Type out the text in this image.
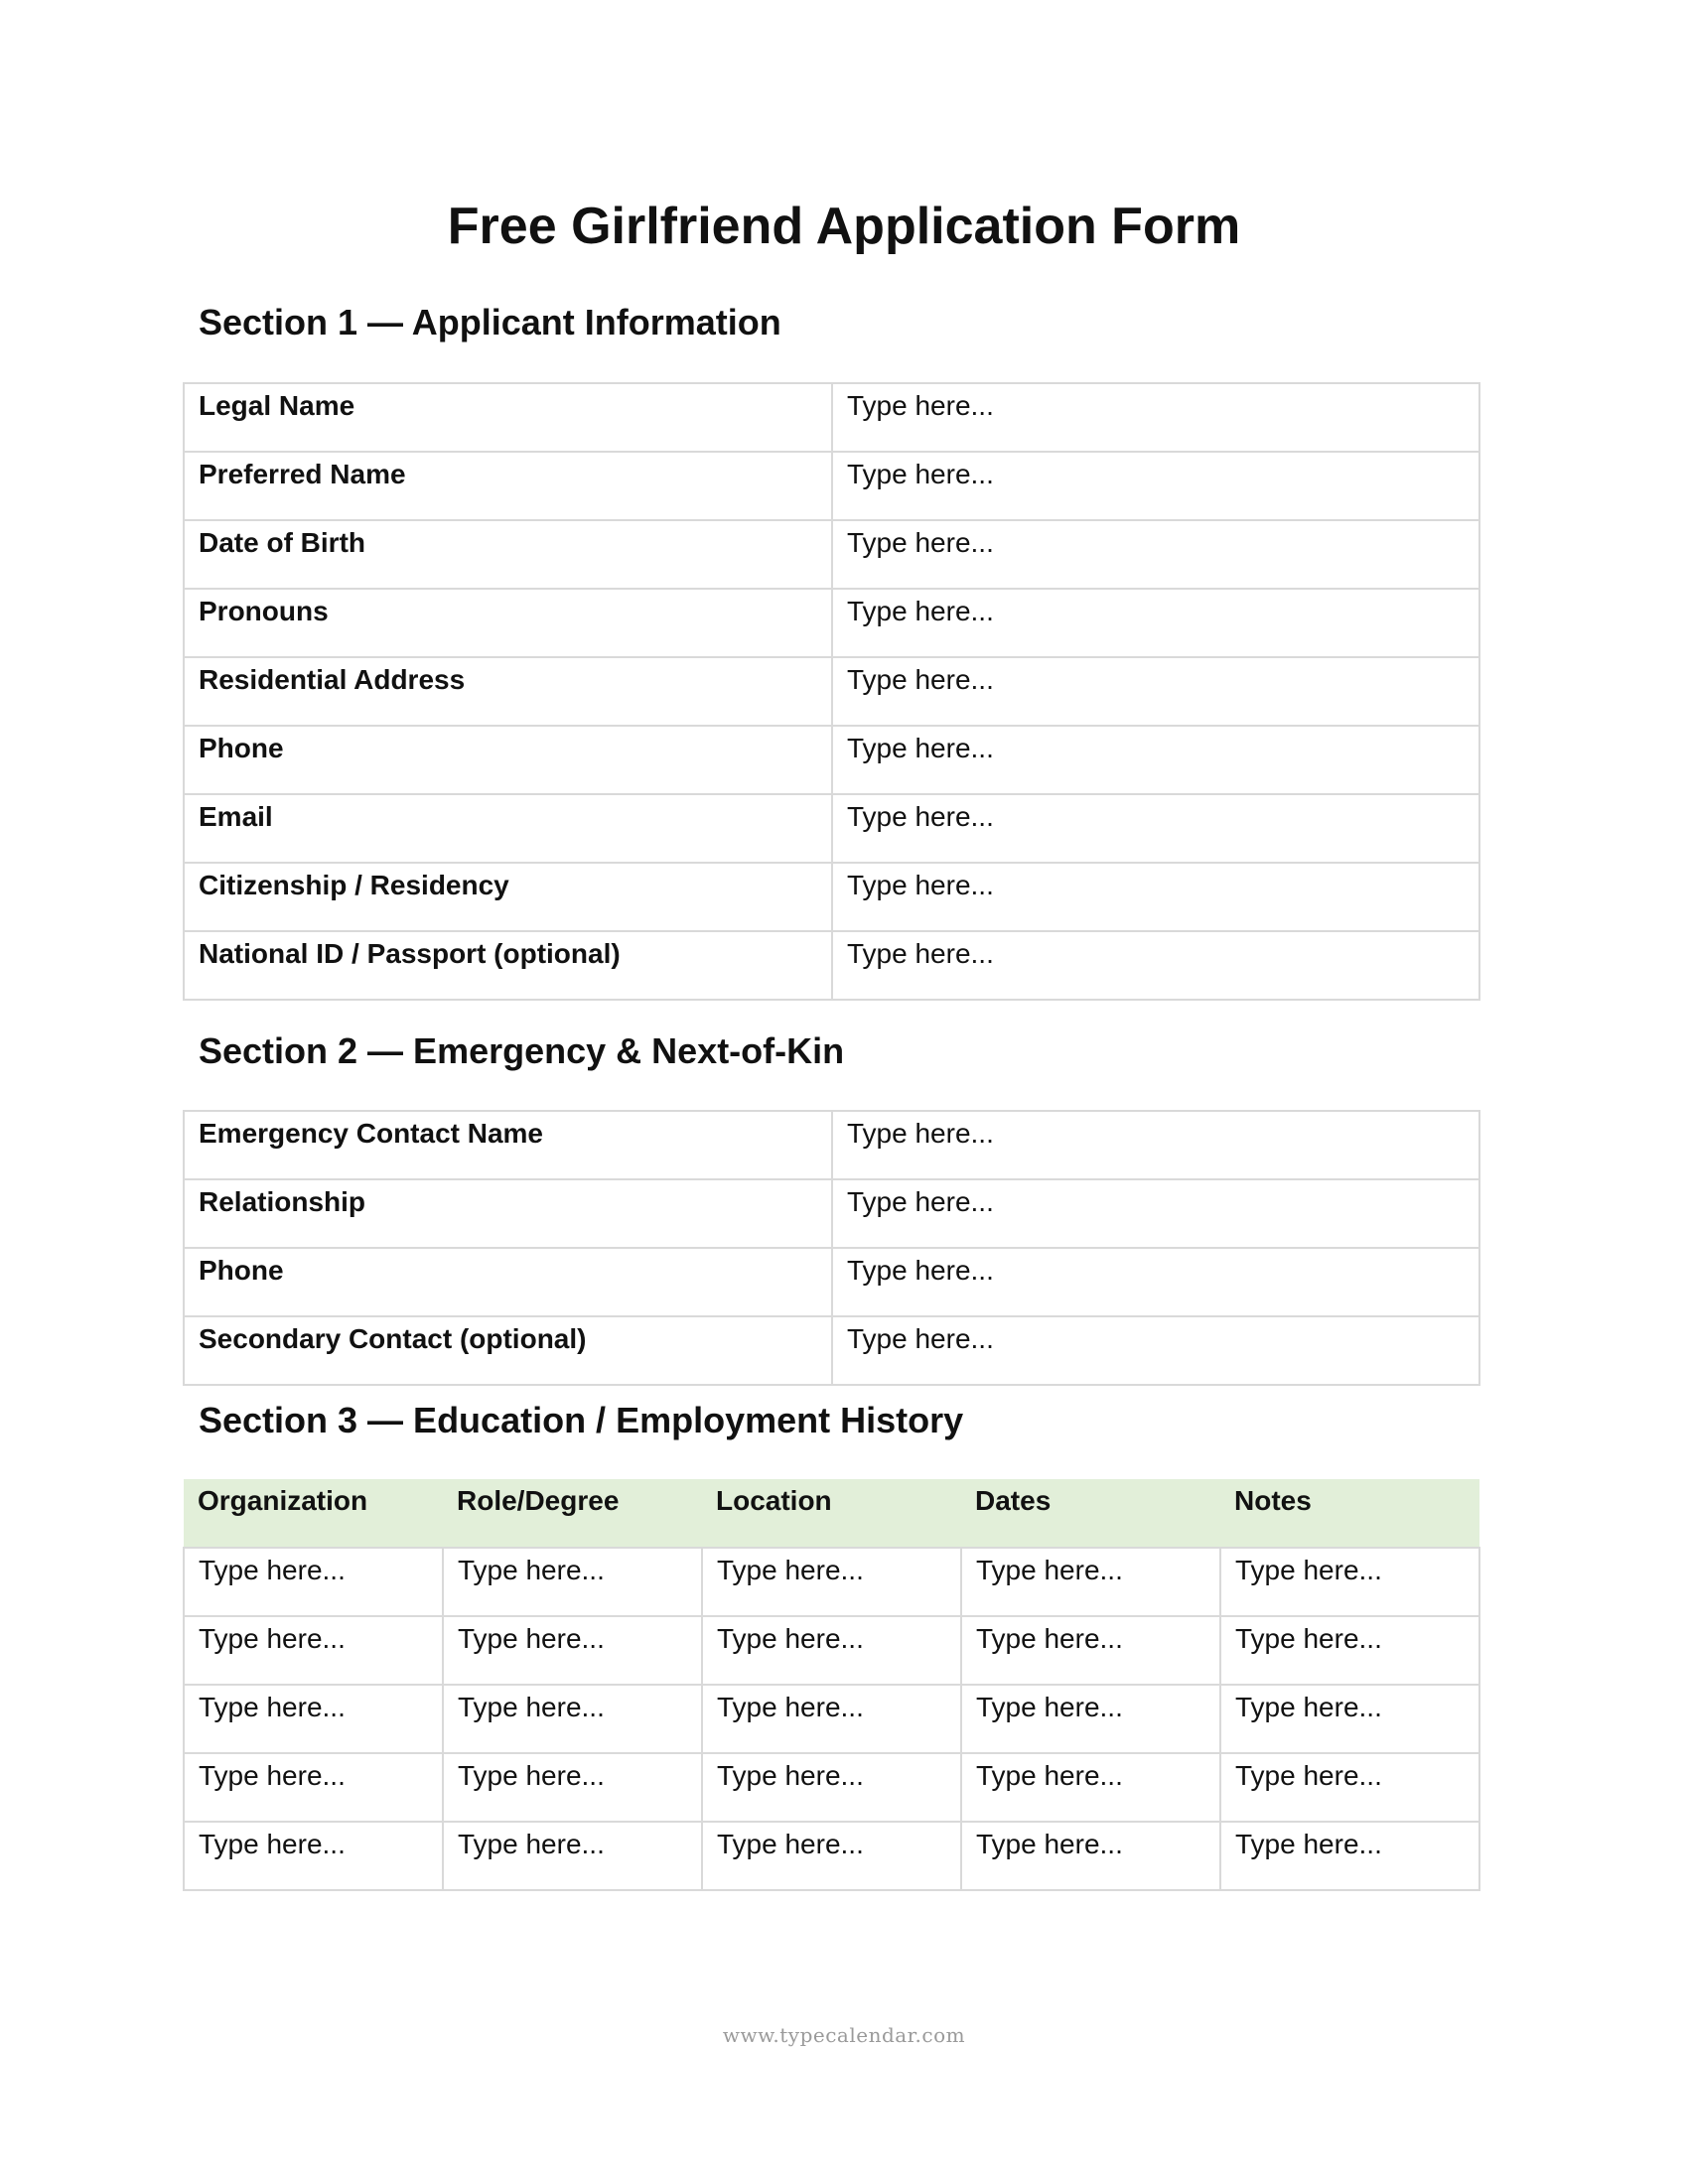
Free Girlfriend Application Form
Section 1 — Applicant Information
Legal Name	Type here...
Preferred Name	Type here...
Date of Birth	Type here...
Pronouns	Type here...
Residential Address	Type here...
Phone	Type here...
Email	Type here...
Citizenship / Residency	Type here...
National ID / Passport (optional)	Type here...
Section 2 — Emergency & Next-of-Kin
Emergency Contact Name	Type here...
Relationship	Type here...
Phone	Type here...
Secondary Contact (optional)	Type here...
Section 3 — Education / Employment History
Organization	Role/Degree	Location	Dates	Notes
Type here...	Type here...	Type here...	Type here...	Type here...
Type here...	Type here...	Type here...	Type here...	Type here...
Type here...	Type here...	Type here...	Type here...	Type here...
Type here...	Type here...	Type here...	Type here...	Type here...
Type here...	Type here...	Type here...	Type here...	Type here...
www.typecalendar.com
